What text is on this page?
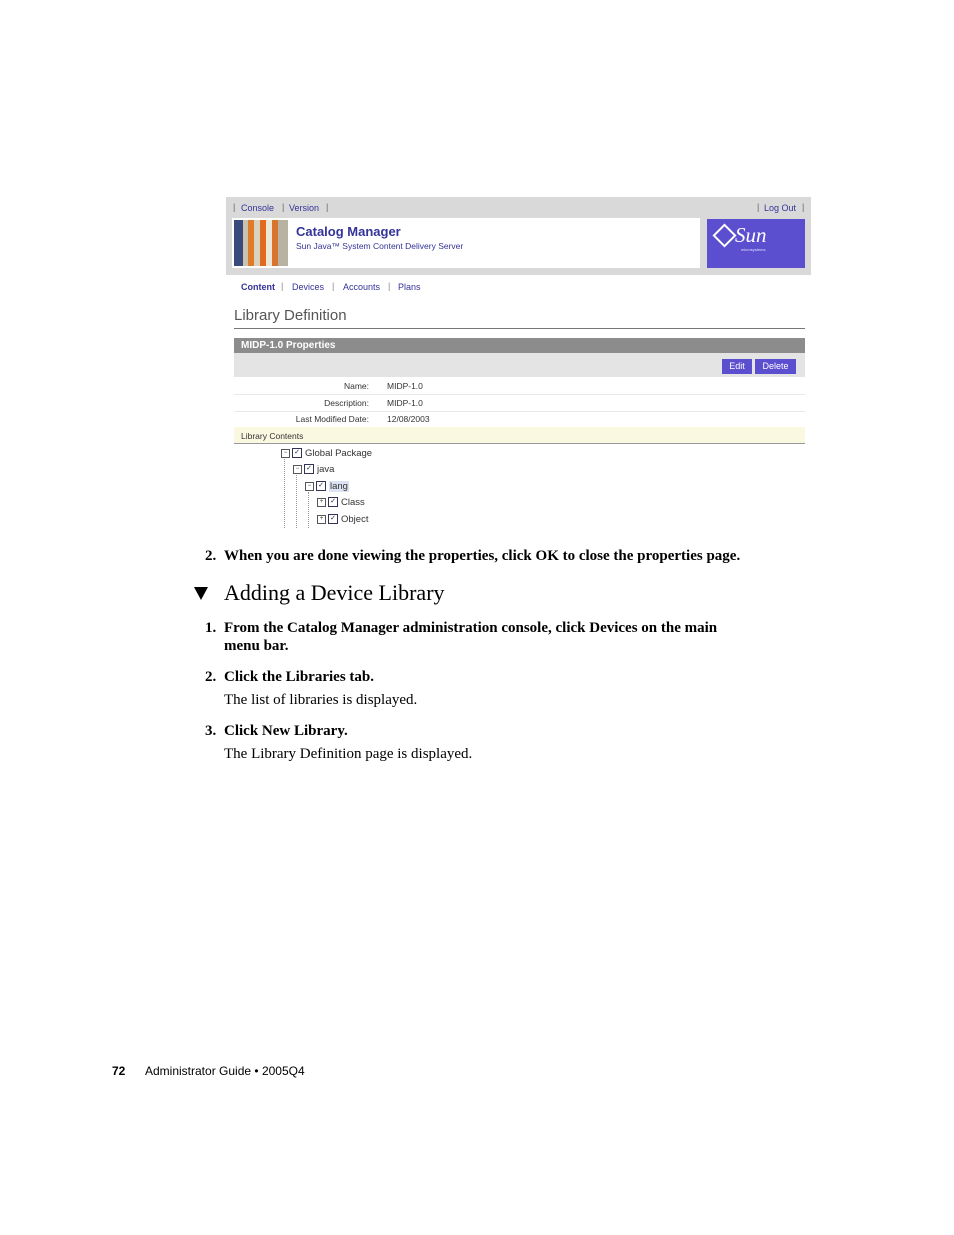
| Console | Version |	| Log Out |
Catalog Manager
Sun Java™ System Content Delivery Server	Sun
microsystems
Content | Devices | Accounts | Plans
Library Definition
MIDP-1.0 Properties
Edit	Delete
Name: MIDP-1.0
Description: MIDP-1.0
Last Modified Date: 12/08/2003
Library Contents
− ✓ Global Package
− ✓ java
− ✓ lang
+ ✓ Class
+ ✓ Object
2. When you are done viewing the properties, click OK to close the properties page.
Adding a Device Library
1. From the Catalog Manager administration console, click Devices on the main
menu bar.
2. Click the Libraries tab.
The list of libraries is displayed.
3. Click New Library.
The Library Definition page is displayed.
72 Administrator Guide • 2005Q4
